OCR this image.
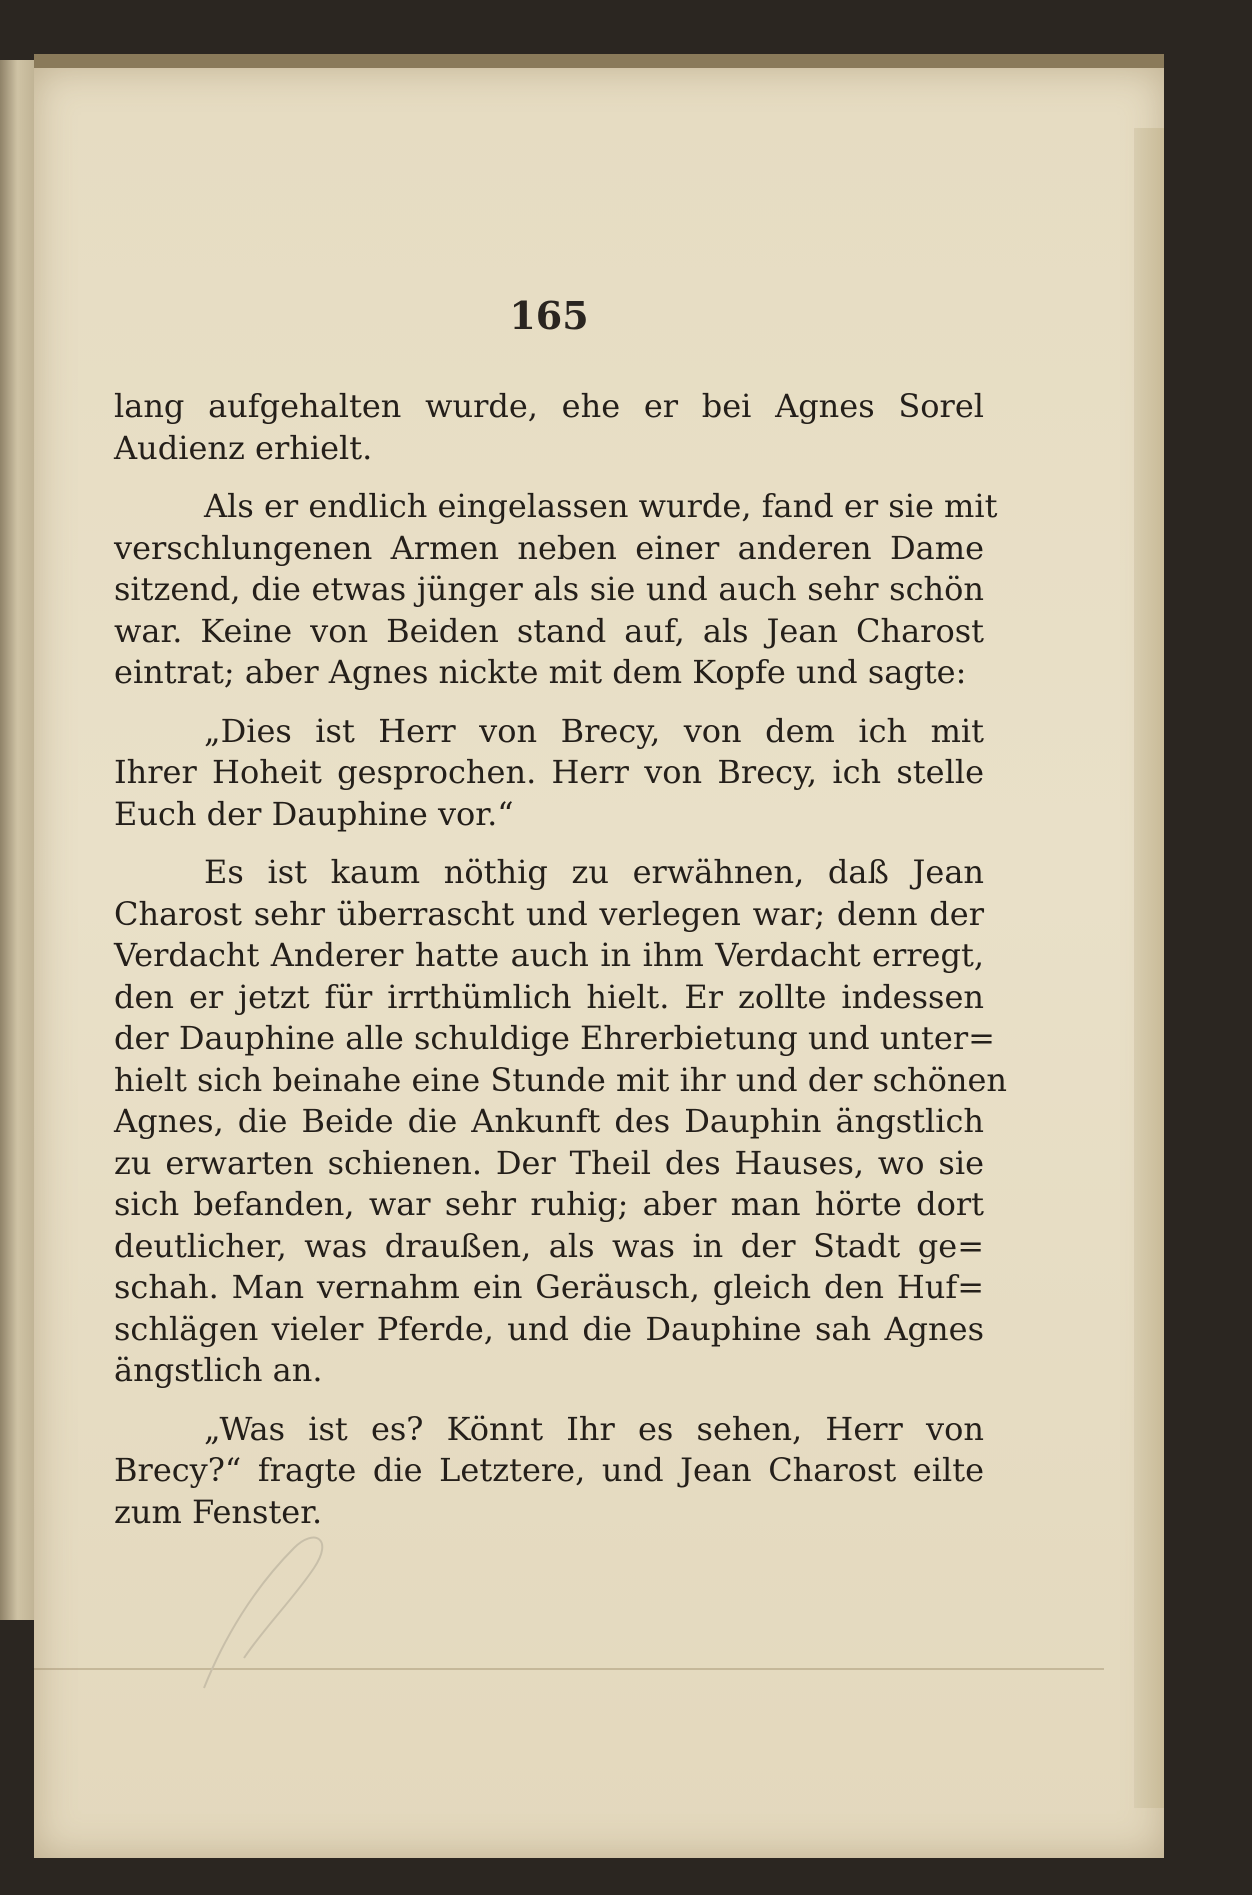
165
lang aufgehalten wurde, ehe er bei Agnes Sorel
Audienz erhielt.
Als er endlich eingelassen wurde, fand er sie mit
verschlungenen Armen neben einer anderen Dame
sitzend, die etwas jünger als sie und auch sehr schön
war. Keine von Beiden stand auf, als Jean Charost
eintrat; aber Agnes nickte mit dem Kopfe und sagte:
„Dies ist Herr von Brecy, von dem ich mit
Ihrer Hoheit gesprochen. Herr von Brecy, ich stelle
Euch der Dauphine vor.“
Es ist kaum nöthig zu erwähnen, daß Jean
Charost sehr überrascht und verlegen war; denn der
Verdacht Anderer hatte auch in ihm Verdacht erregt,
den er jetzt für irrthümlich hielt. Er zollte indessen
der Dauphine alle schuldige Ehrerbietung und unter=
hielt sich beinahe eine Stunde mit ihr und der schönen
Agnes, die Beide die Ankunft des Dauphin ängstlich
zu erwarten schienen. Der Theil des Hauses, wo sie
sich befanden, war sehr ruhig; aber man hörte dort
deutlicher, was draußen, als was in der Stadt ge=
schah. Man vernahm ein Geräusch, gleich den Huf=
schlägen vieler Pferde, und die Dauphine sah Agnes
ängstlich an.
„Was ist es? Könnt Ihr es sehen, Herr von
Brecy?“ fragte die Letztere, und Jean Charost eilte
zum Fenster.
